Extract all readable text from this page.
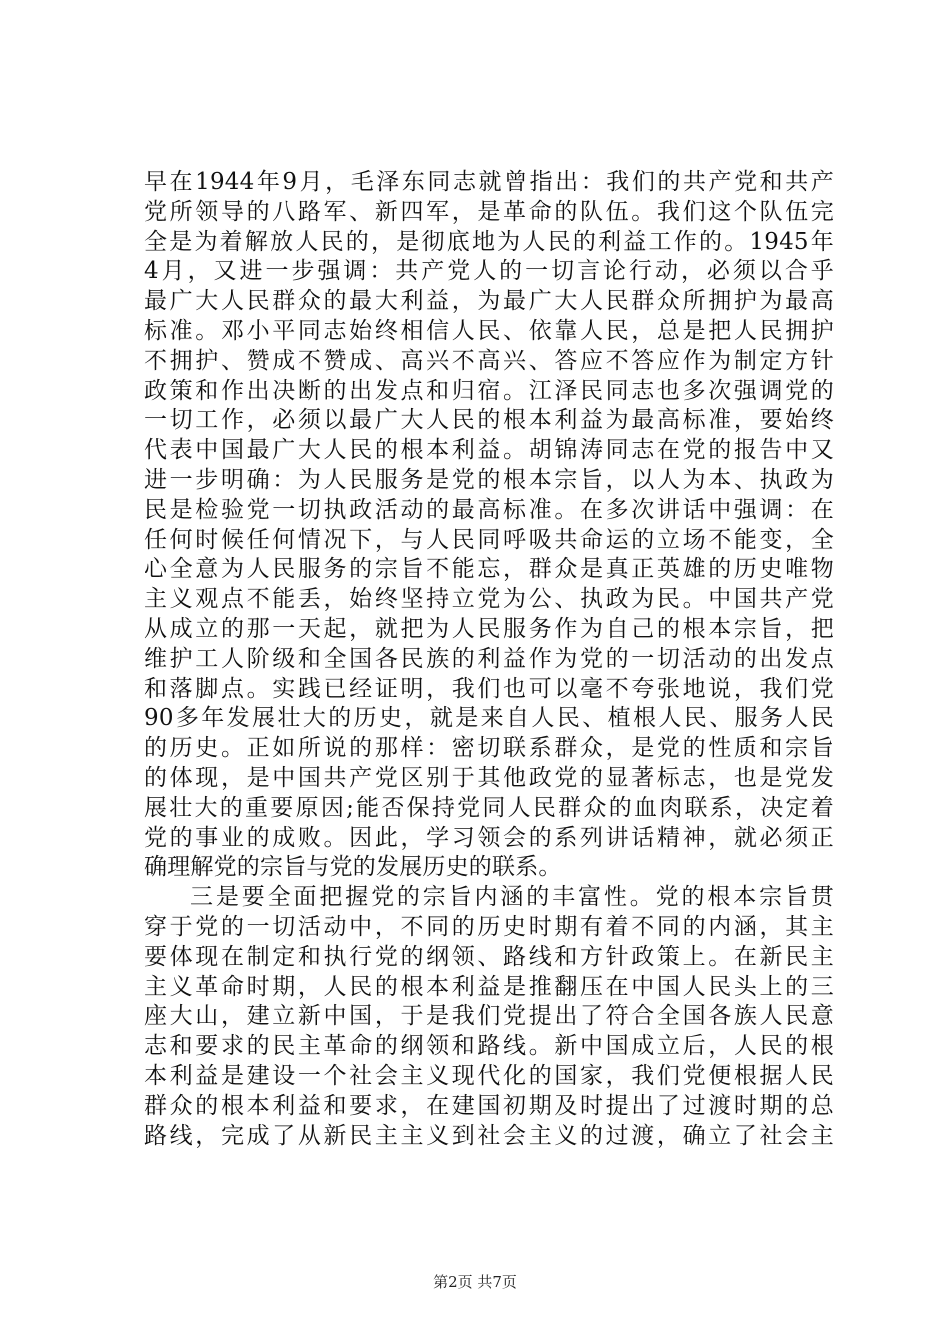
早在1944年9月，毛泽东同志就曾指出：我们的共产党和共产
党所领导的八路军、新四军，是革命的队伍。我们这个队伍完
全是为着解放人民的，是彻底地为人民的利益工作的。1945年
4月，又进一步强调：共产党人的一切言论行动，必须以合乎
最广大人民群众的最大利益，为最广大人民群众所拥护为最高
标准。邓小平同志始终相信人民、依靠人民，总是把人民拥护
不拥护、赞成不赞成、高兴不高兴、答应不答应作为制定方针
政策和作出决断的出发点和归宿。江泽民同志也多次强调党的
一切工作，必须以最广大人民的根本利益为最高标准，要始终
代表中国最广大人民的根本利益。胡锦涛同志在党的报告中又
进一步明确：为人民服务是党的根本宗旨，以人为本、执政为
民是检验党一切执政活动的最高标准。在多次讲话中强调：在
任何时候任何情况下，与人民同呼吸共命运的立场不能变，全
心全意为人民服务的宗旨不能忘，群众是真正英雄的历史唯物
主义观点不能丢，始终坚持立党为公、执政为民。中国共产党
从成立的那一天起，就把为人民服务作为自己的根本宗旨，把
维护工人阶级和全国各民族的利益作为党的一切活动的出发点
和落脚点。实践已经证明，我们也可以毫不夸张地说，我们党
90多年发展壮大的历史，就是来自人民、植根人民、服务人民
的历史。正如所说的那样：密切联系群众，是党的性质和宗旨
的体现，是中国共产党区别于其他政党的显著标志，也是党发
展壮大的重要原因;能否保持党同人民群众的血肉联系，决定着
党的事业的成败。因此，学习领会的系列讲话精神，就必须正
确理解党的宗旨与党的发展历史的联系。
三是要全面把握党的宗旨内涵的丰富性。党的根本宗旨贯
穿于党的一切活动中，不同的历史时期有着不同的内涵，其主
要体现在制定和执行党的纲领、路线和方针政策上。在新民主
主义革命时期，人民的根本利益是推翻压在中国人民头上的三
座大山，建立新中国，于是我们党提出了符合全国各族人民意
志和要求的民主革命的纲领和路线。新中国成立后，人民的根
本利益是建设一个社会主义现代化的国家，我们党便根据人民
群众的根本利益和要求，在建国初期及时提出了过渡时期的总
路线，完成了从新民主主义到社会主义的过渡，确立了社会主
第2页 共7页
